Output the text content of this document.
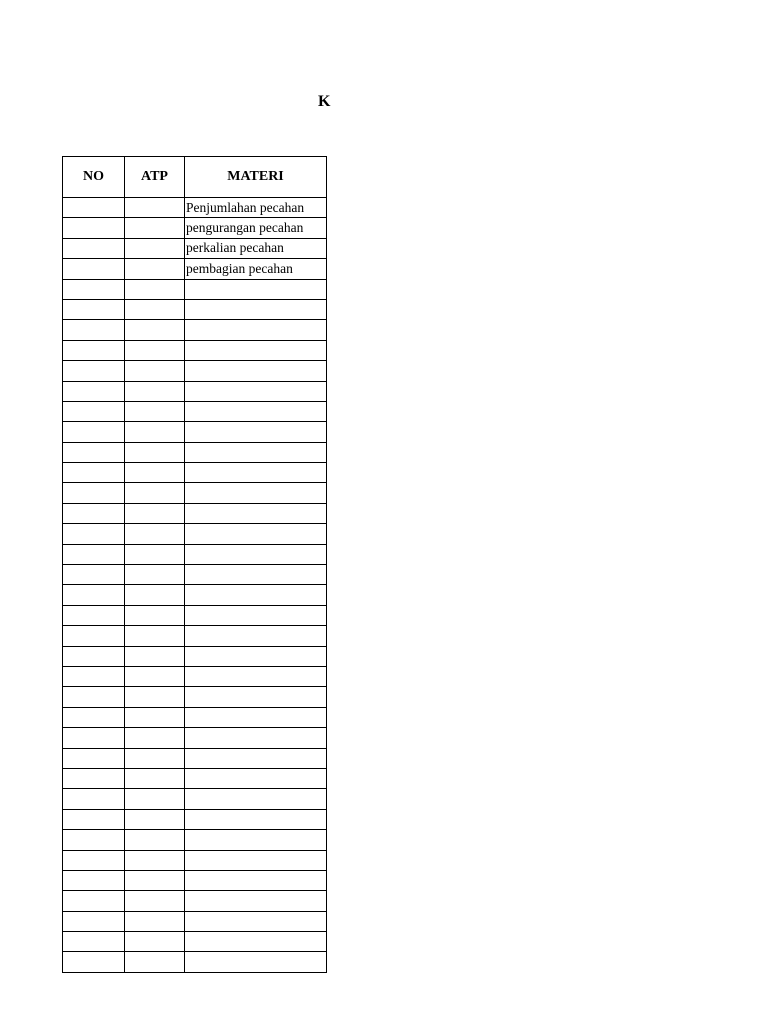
K
NO	ATP	MATERI
		Penjumlahan pecahan
		pengurangan pecahan
		perkalian pecahan
		pembagian pecahan
